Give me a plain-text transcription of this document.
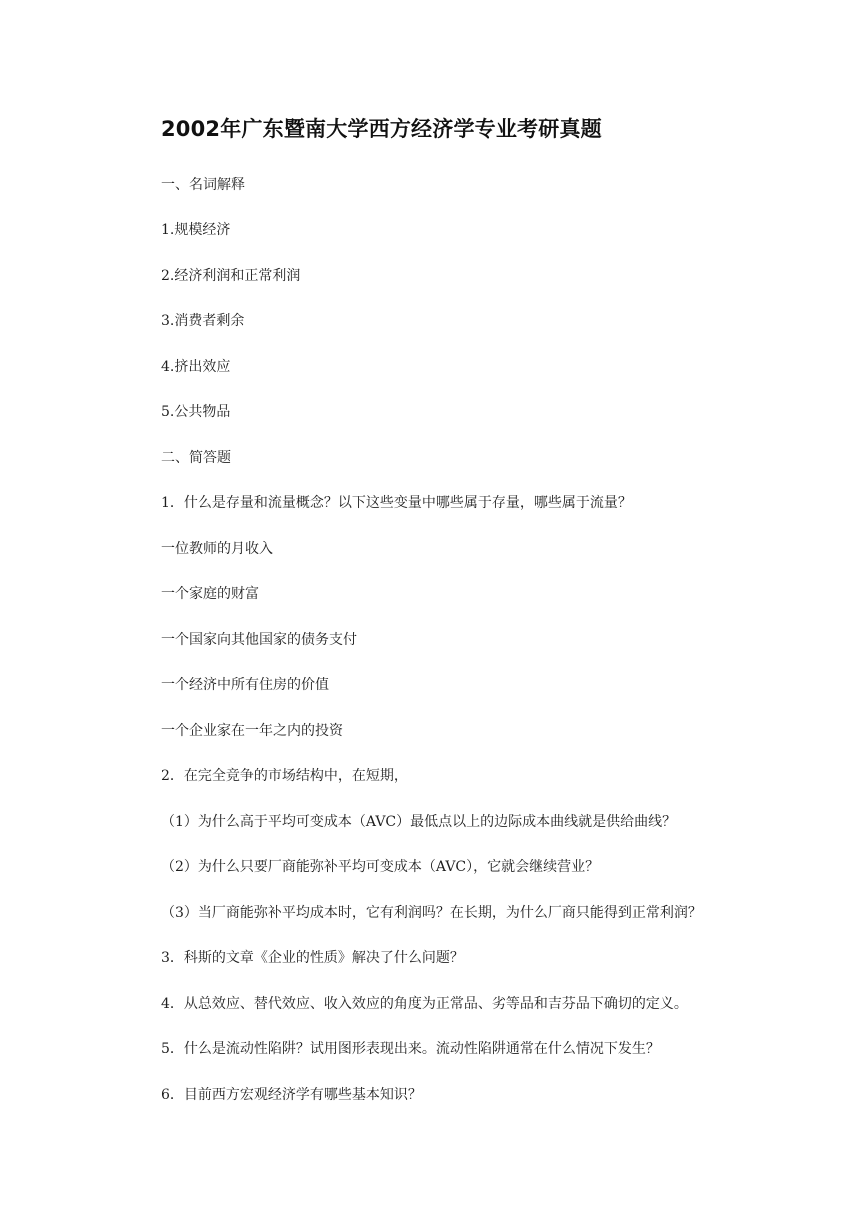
2002年广东暨南大学西方经济学专业考研真题

一、名词解释

1.规模经济

2.经济利润和正常利润

3.消费者剩余

4.挤出效应

5.公共物品

二、简答题

1．什么是存量和流量概念？以下这些变量中哪些属于存量，哪些属于流量？

一位教师的月收入

一个家庭的财富

一个国家向其他国家的债务支付

一个经济中所有住房的价值

一个企业家在一年之内的投资

2．在完全竞争的市场结构中，在短期，

（1）为什么高于平均可变成本（AVC）最低点以上的边际成本曲线就是供给曲线？

（2）为什么只要厂商能弥补平均可变成本（AVC），它就会继续营业？

（3）当厂商能弥补平均成本时，它有利润吗？在长期，为什么厂商只能得到正常利润？

3．科斯的文章《企业的性质》解决了什么问题？

4．从总效应、替代效应、收入效应的角度为正常品、劣等品和吉芬品下确切的定义。

5．什么是流动性陷阱？试用图形表现出来。流动性陷阱通常在什么情况下发生？

6．目前西方宏观经济学有哪些基本知识？
